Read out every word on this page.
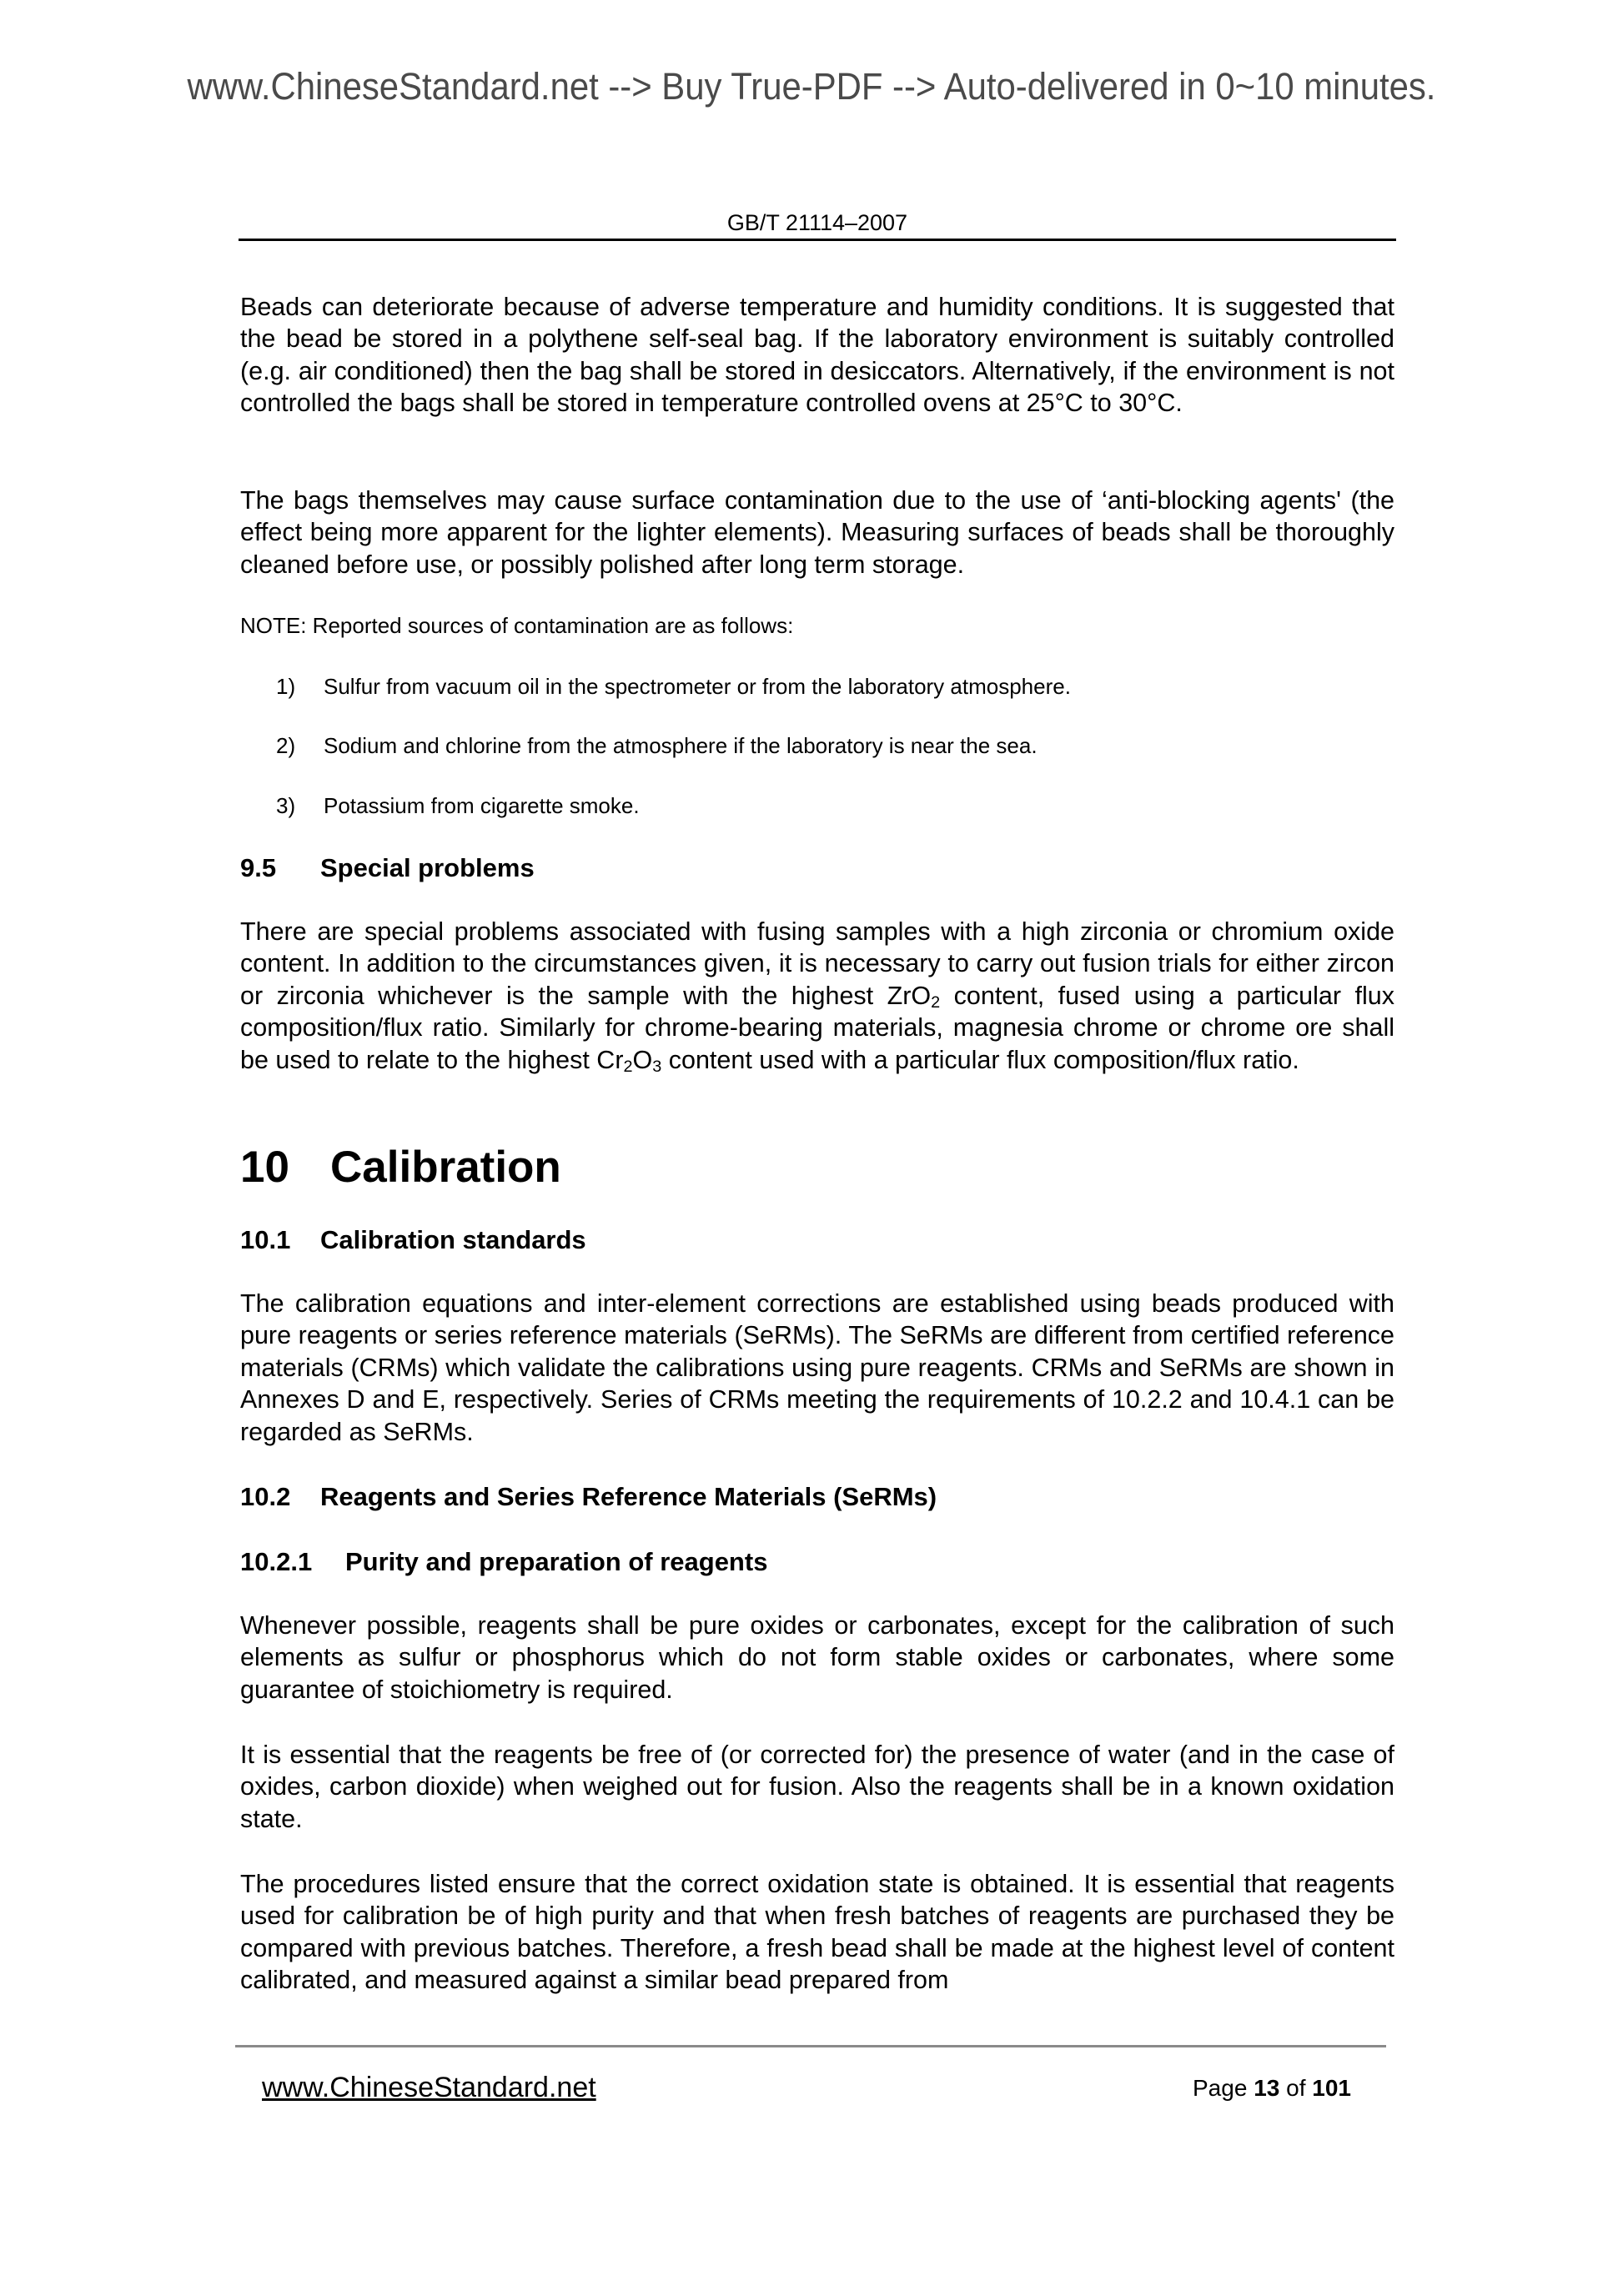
www.ChineseStandard.net --> Buy True-PDF --> Auto-delivered in 0~10 minutes.
GB/T 21114–2007
Beads can deteriorate because of adverse temperature and humidity conditions. It is suggested that the bead be stored in a polythene self-seal bag. If the laboratory environment is suitably controlled (e.g. air conditioned) then the bag shall be stored in desiccators. Alternatively, if the environment is not controlled the bags shall be stored in temperature controlled ovens at 25°C to 30°C.
The bags themselves may cause surface contamination due to the use of ‘anti-blocking agents' (the effect being more apparent for the lighter elements). Measuring surfaces of beads shall be thoroughly cleaned before use, or possibly polished after long term storage.
NOTE: Reported sources of contamination are as follows:
1) Sulfur from vacuum oil in the spectrometer or from the laboratory atmosphere.
2) Sodium and chlorine from the atmosphere if the laboratory is near the sea.
3) Potassium from cigarette smoke.
9.5 Special problems
There are special problems associated with fusing samples with a high zirconia or chromium oxide content. In addition to the circumstances given, it is necessary to carry out fusion trials for either zircon or zirconia whichever is the sample with the highest ZrO$_2$ content, fused using a particular flux composition/flux ratio. Similarly for chrome-bearing materials, magnesia chrome or chrome ore shall be used to relate to the highest $Cr_2O_3$ content used with a particular flux composition/flux ratio.
10 Calibration
10.1 Calibration standards
The calibration equations and inter-element corrections are established using beads produced with pure reagents or series reference materials (SeRMs). The SeRMs are different from certified reference materials (CRMs) which validate the calibrations using pure reagents. CRMs and SeRMs are shown in Annexes D and E, respectively. Series of CRMs meeting the requirements of 10.2.2 and 10.4.1 can be regarded as SeRMs.
10.2 Reagents and Series Reference Materials (SeRMs)
10.2.1 Purity and preparation of reagents
Whenever possible, reagents shall be pure oxides or carbonates, except for the calibration of such elements as sulfur or phosphorus which do not form stable oxides or carbonates, where some guarantee of stoichiometry is required.
It is essential that the reagents be free of (or corrected for) the presence of water (and in the case of oxides, carbon dioxide) when weighed out for fusion. Also the reagents shall be in a known oxidation state.
The procedures listed ensure that the correct oxidation state is obtained. It is essential that reagents used for calibration be of high purity and that when fresh batches of reagents are purchased they be compared with previous batches. Therefore, a fresh bead shall be made at the highest level of content calibrated, and measured against a similar bead prepared from
www.ChineseStandard.net	Page 13 of 101
